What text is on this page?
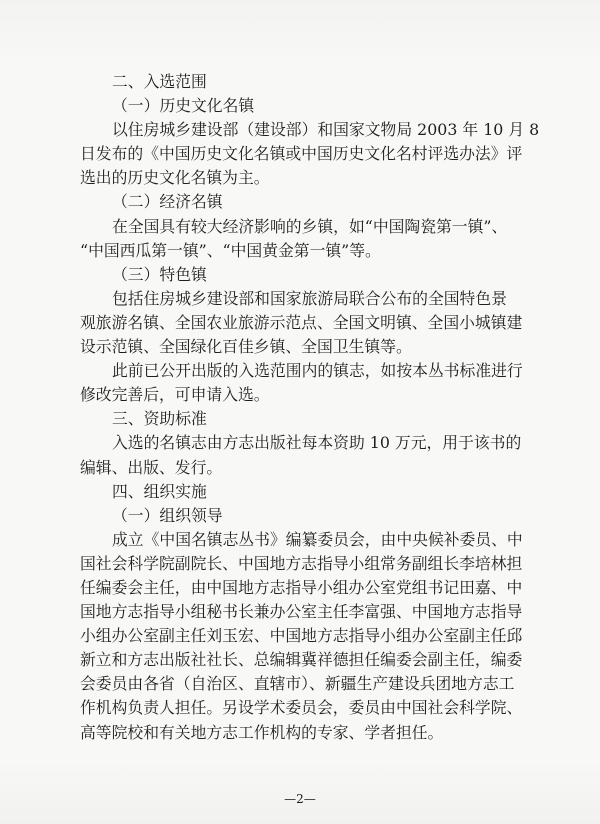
二、入选范围
（一）历史文化名镇
以住房城乡建设部（建设部）和国家文物局 2003 年 10 月 8
日发布的《中国历史文化名镇或中国历史文化名村评选办法》评
选出的历史文化名镇为主。
（二）经济名镇
在全国具有较大经济影响的乡镇，如“中国陶瓷第一镇”、
“中国西瓜第一镇”、“中国黄金第一镇”等。
（三）特色镇
包括住房城乡建设部和国家旅游局联合公布的全国特色景
观旅游名镇、全国农业旅游示范点、全国文明镇、全国小城镇建
设示范镇、全国绿化百佳乡镇、全国卫生镇等。
此前已公开出版的入选范围内的镇志，如按本丛书标准进行
修改完善后，可申请入选。
三、资助标准
入选的名镇志由方志出版社每本资助 10 万元，用于该书的
编辑、出版、发行。
四、组织实施
（一）组织领导
成立《中国名镇志丛书》编纂委员会，由中央候补委员、中
国社会科学院副院长、中国地方志指导小组常务副组长李培林担
任编委会主任，由中国地方志指导小组办公室党组书记田嘉、中
国地方志指导小组秘书长兼办公室主任李富强、中国地方志指导
小组办公室副主任刘玉宏、中国地方志指导小组办公室副主任邱
新立和方志出版社社长、总编辑冀祥德担任编委会副主任，编委
会委员由各省（自治区、直辖市）、新疆生产建设兵团地方志工
作机构负责人担任。另设学术委员会，委员由中国社会科学院、
高等院校和有关地方志工作机构的专家、学者担任。
—2—
